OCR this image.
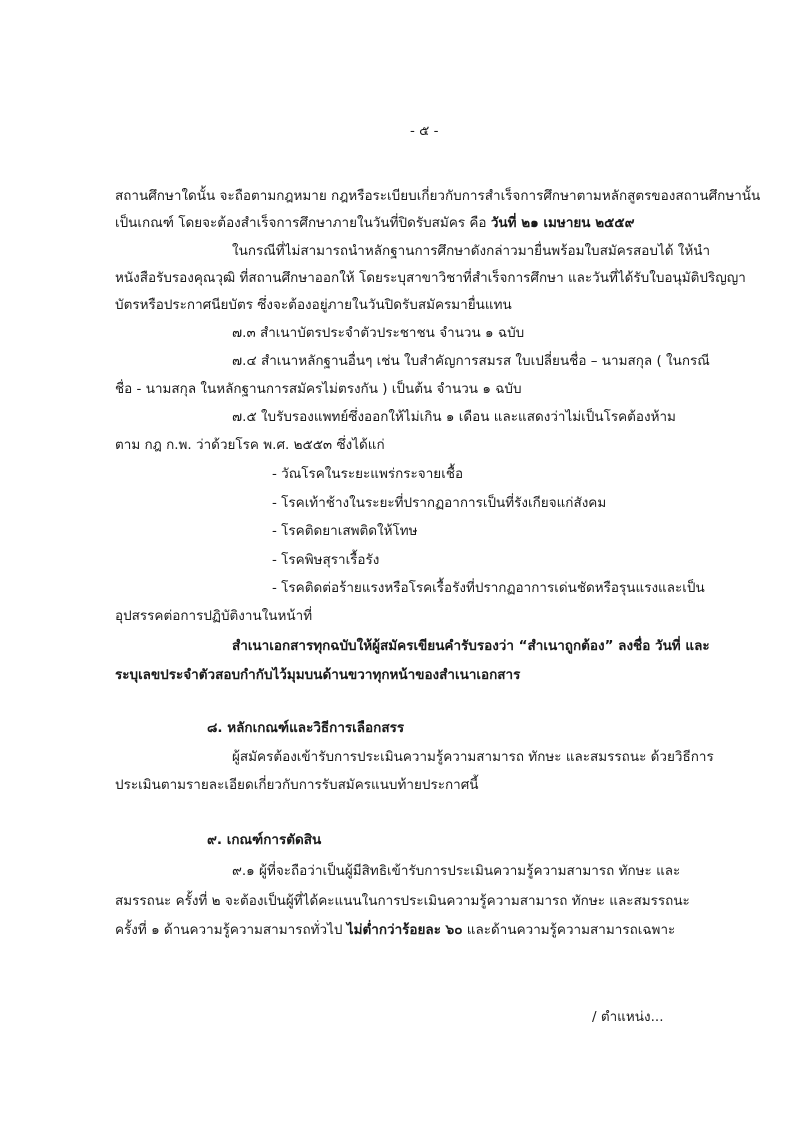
- ๕ -
สถานศึกษาใดนั้น จะถือตามกฎหมาย กฎหรือระเบียบเกี่ยวกับการสำเร็จการศึกษาตามหลักสูตรของสถานศึกษานั้น
เป็นเกณฑ์ โดยจะต้องสำเร็จการศึกษาภายในวันที่ปิดรับสมัคร คือ วันที่ ๒๑ เมษายน ๒๕๕๙
ในกรณีที่ไม่สามารถนำหลักฐานการศึกษาดังกล่าวมายื่นพร้อมใบสมัครสอบได้ ให้นำ
หนังสือรับรองคุณวุฒิ ที่สถานศึกษาออกให้ โดยระบุสาขาวิชาที่สำเร็จการศึกษา และวันที่ได้รับใบอนุมัติปริญญา
บัตรหรือประกาศนียบัตร ซึ่งจะต้องอยู่ภายในวันปิดรับสมัครมายื่นแทน
๗.๓ สำเนาบัตรประจำตัวประชาชน จำนวน ๑ ฉบับ
๗.๔ สำเนาหลักฐานอื่นๆ เช่น ใบสำคัญการสมรส ใบเปลี่ยนชื่อ – นามสกุล ( ในกรณี
ชื่อ - นามสกุล ในหลักฐานการสมัครไม่ตรงกัน ) เป็นต้น จำนวน ๑ ฉบับ
๗.๕ ใบรับรองแพทย์ซึ่งออกให้ไม่เกิน ๑ เดือน และแสดงว่าไม่เป็นโรคต้องห้าม
ตาม กฎ ก.พ. ว่าด้วยโรค พ.ศ. ๒๕๕๓ ซึ่งได้แก่
- วัณโรคในระยะแพร่กระจายเชื้อ
- โรคเท้าช้างในระยะที่ปรากฏอาการเป็นที่รังเกียจแก่สังคม
- โรคติดยาเสพติดให้โทษ
- โรคพิษสุราเรื้อรัง
- โรคติดต่อร้ายแรงหรือโรคเรื้อรังที่ปรากฏอาการเด่นชัดหรือรุนแรงและเป็น
อุปสรรคต่อการปฏิบัติงานในหน้าที่
สำเนาเอกสารทุกฉบับให้ผู้สมัครเขียนคำรับรองว่า “สำเนาถูกต้อง” ลงชื่อ วันที่ และ
ระบุเลขประจำตัวสอบกำกับไว้มุมบนด้านขวาทุกหน้าของสำเนาเอกสาร
๘. หลักเกณฑ์และวิธีการเลือกสรร
ผู้สมัครต้องเข้ารับการประเมินความรู้ความสามารถ ทักษะ และสมรรถนะ ด้วยวิธีการ
ประเมินตามรายละเอียดเกี่ยวกับการรับสมัครแนบท้ายประกาศนี้
๙. เกณฑ์การตัดสิน
๙.๑ ผู้ที่จะถือว่าเป็นผู้มีสิทธิเข้ารับการประเมินความรู้ความสามารถ ทักษะ และ
สมรรถนะ ครั้งที่ ๒ จะต้องเป็นผู้ที่ได้คะแนนในการประเมินความรู้ความสามารถ ทักษะ และสมรรถนะ
ครั้งที่ ๑ ด้านความรู้ความสามารถทั่วไป ไม่ต่ำกว่าร้อยละ ๖๐ และด้านความรู้ความสามารถเฉพาะ
/ ตำแหน่ง...
